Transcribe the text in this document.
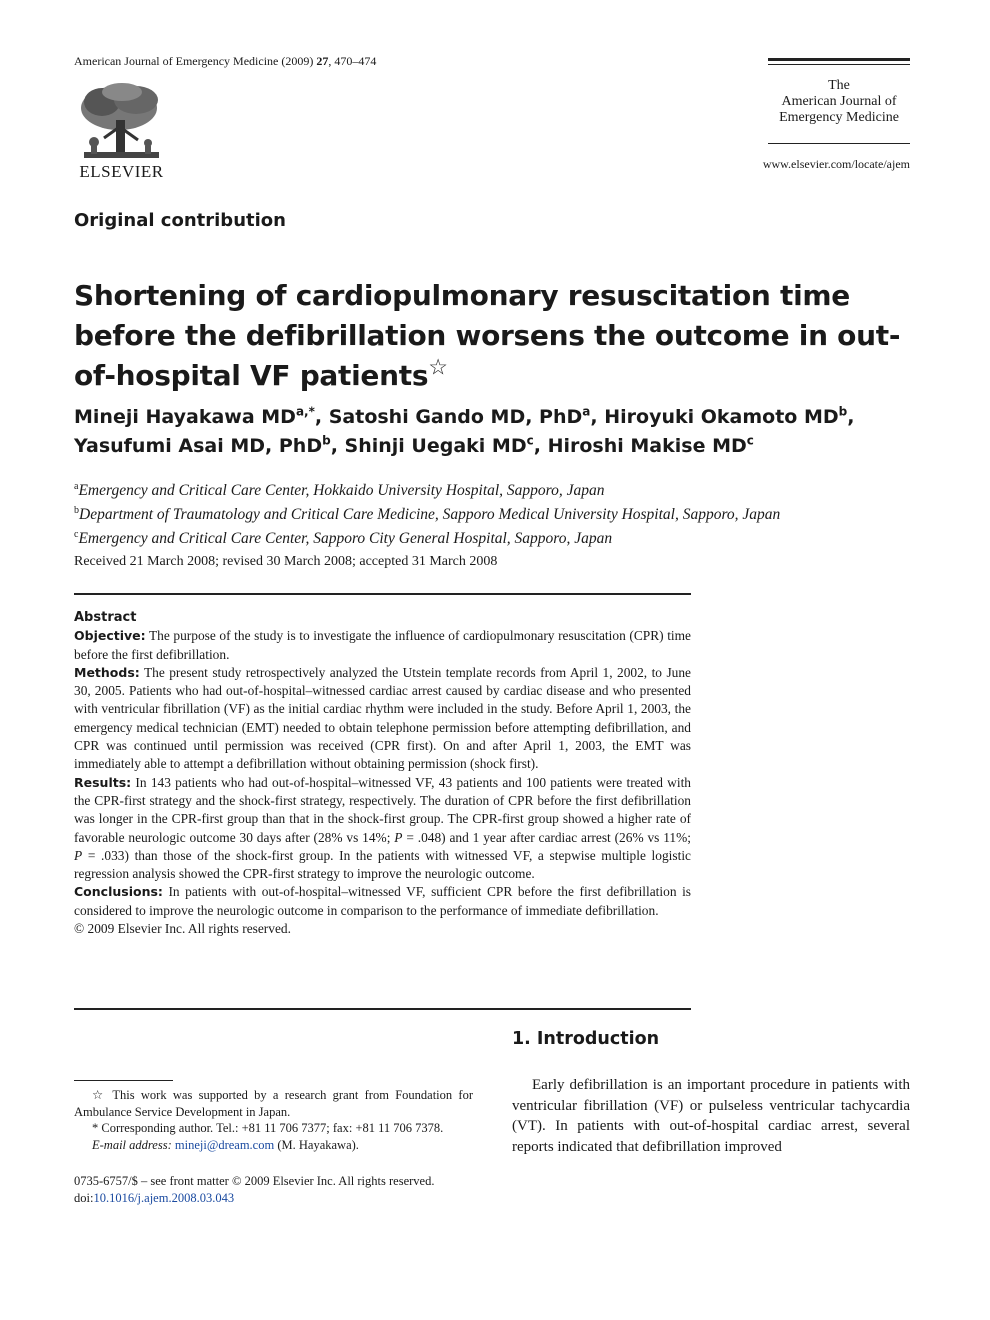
American Journal of Emergency Medicine (2009) 27, 470–474
ELSEVIER
The
American Journal of
Emergency Medicine
www.elsevier.com/locate/ajem
Original contribution
Shortening of cardiopulmonary resuscitation time before the defibrillation worsens the outcome in out-of-hospital VF patients☆
Mineji Hayakawa $MD^{a,*}$, Satoshi Gando MD, PhD$^a$, Hiroyuki Okamoto $MD^b$,
Yasufumi Asai MD, PhD$^b$, Shinji Uegaki $MD^c$, Hiroshi Makise $MD^c$
$^a$Emergency and Critical Care Center, Hokkaido University Hospital, Sapporo, Japan
$^b$Department of Traumatology and Critical Care Medicine, Sapporo Medical University Hospital, Sapporo, Japan
$^c$Emergency and Critical Care Center, Sapporo City General Hospital, Sapporo, Japan
Received 21 March 2008; revised 30 March 2008; accepted 31 March 2008
Abstract

Objective: The purpose of the study is to investigate the influence of cardiopulmonary resuscitation (CPR) time before the first defibrillation.

Methods: The present study retrospectively analyzed the Utstein template records from April 1, 2002, to June 30, 2005. Patients who had out-of-hospital–witnessed cardiac arrest caused by cardiac disease and who presented with ventricular fibrillation (VF) as the initial cardiac rhythm were included in the study. Before April 1, 2003, the emergency medical technician (EMT) needed to obtain telephone permission before attempting defibrillation, and CPR was continued until permission was received (CPR first). On and after April 1, 2003, the EMT was immediately able to attempt a defibrillation without obtaining permission (shock first).

Results: In 143 patients who had out-of-hospital–witnessed VF, 43 patients and 100 patients were treated with the CPR-first strategy and the shock-first strategy, respectively. The duration of CPR before the first defibrillation was longer in the CPR-first group than that in the shock-first group. The CPR-first group showed a higher rate of favorable neurologic outcome 30 days after (28% vs 14%; P = .048) and 1 year after cardiac arrest (26% vs 11%; P = .033) than those of the shock-first group. In the patients with witnessed VF, a stepwise multiple logistic regression analysis showed the CPR-first strategy to improve the neurologic outcome.

Conclusions: In patients with out-of-hospital–witnessed VF, sufficient CPR before the first defibrillation is considered to improve the neurologic outcome in comparison to the performance of immediate defibrillation.

© 2009 Elsevier Inc. All rights reserved.

1. Introduction
Early defibrillation is an important procedure in patients with ventricular fibrillation (VF) or pulseless ventricular tachycardia (VT). In patients with out-of-hospital cardiac arrest, several reports indicated that defibrillation improved

☆ This work was supported by a research grant from Foundation for Ambulance Service Development in Japan.

* Corresponding author. Tel.: +81 11 706 7377; fax: +81 11 706 7378.

E-mail address: mineji@dream.com (M. Hayakawa).

0735-6757/$ – see front matter © 2009 Elsevier Inc. All rights reserved.
doi:10.1016/j.ajem.2008.03.043
